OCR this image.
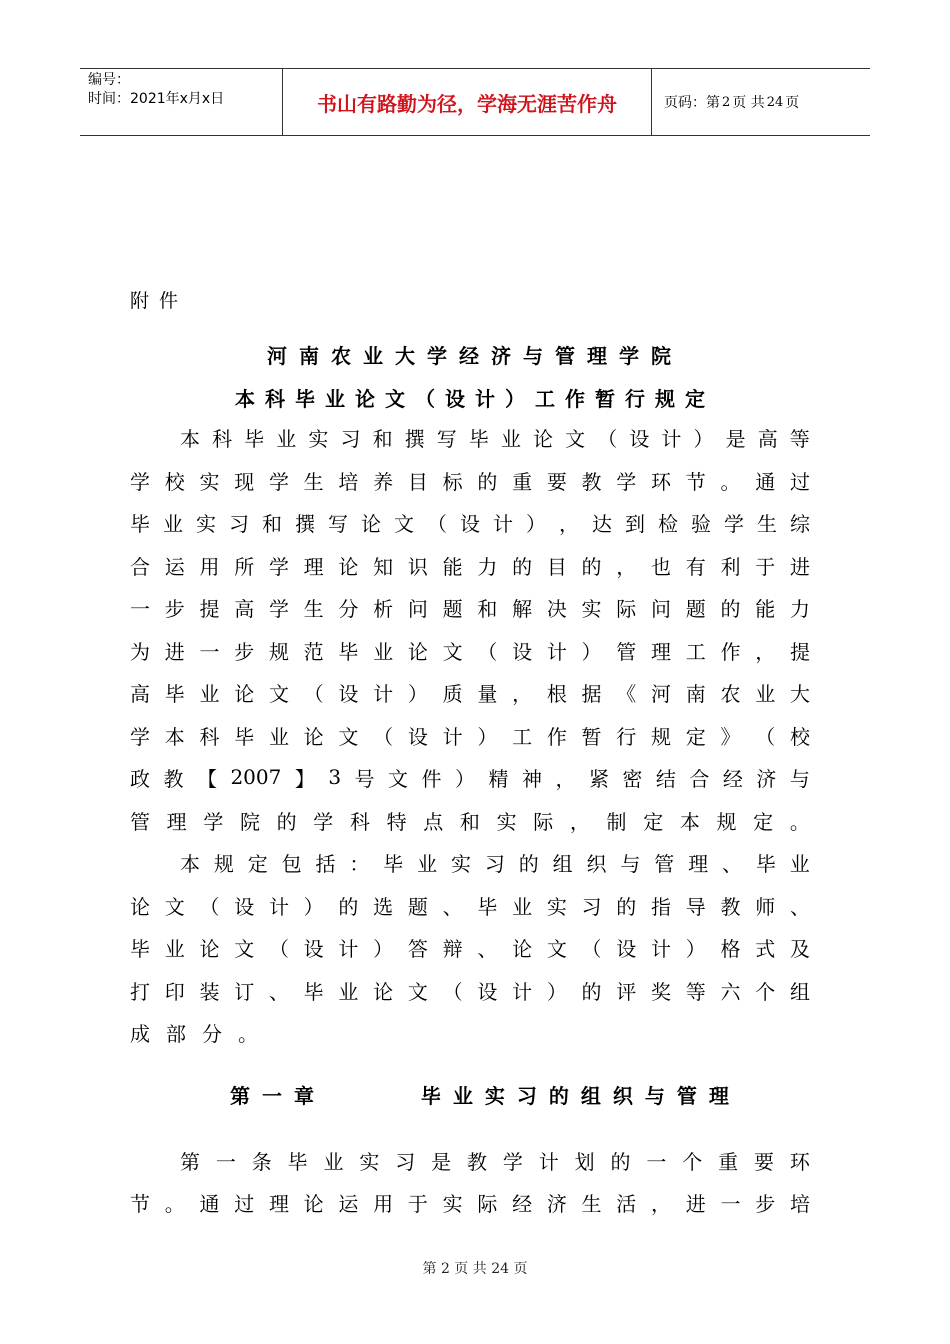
编号：
时间：2021年x月x日	书山有路勤为径，学海无涯苦作舟	页码：第 2 页 共 24 页
附件
河南农业大学经济与管理学院
本科毕业论文（设计）工作暂行规定
本 科 毕 业 实 习 和 撰 写 毕 业 论 文 （ 设 计 ） 是 高 等
学 校 实 现 学 生 培 养 目 标 的 重 要 教 学 环 节 。 通 过
毕 业 实 习 和 撰 写 论 文 （ 设 计 ） ， 达 到 检 验 学 生 综
合 运 用 所 学 理 论 知 识 能 力 的 目 的 ， 也 有 利 于 进
一 步 提 高 学 生 分 析 问 题 和 解 决 实 际 问 题 的 能 力
为 进 一 步 规 范 毕 业 论 文 （ 设 计 ） 管 理 工 作 ， 提
高 毕 业 论 文 （ 设 计 ） 质 量 ， 根 据 《 河 南 农 业 大
学 本 科 毕 业 论 文 （ 设 计 ） 工 作 暂 行 规 定 》 （ 校
政 教 【 2007 】 3 号 文 件 ） 精 神 ， 紧 密 结 合 经 济 与
管 理 学 院 的 学 科 特 点 和 实 际 ， 制 定 本 规 定 。
本 规 定 包 括 ： 毕 业 实 习 的 组 织 与 管 理 、 毕 业
论 文 （ 设 计 ） 的 选 题 、 毕 业 实 习 的 指 导 教 师 、
毕 业 论 文 （ 设 计 ） 答 辩 、 论 文 （ 设 计 ） 格 式 及
打 印 装 订 、 毕 业 论 文 （ 设 计 ） 的 评 奖 等 六 个 组
成 部 分 。
第一章     毕业实习的组织与管理
第 一 条 毕 业 实 习 是 教 学 计 划 的 一 个 重 要 环
节 。 通 过 理 论 运 用 于 实 际 经 济 生 活 ， 进 一 步 培
第 2 页 共 24 页
